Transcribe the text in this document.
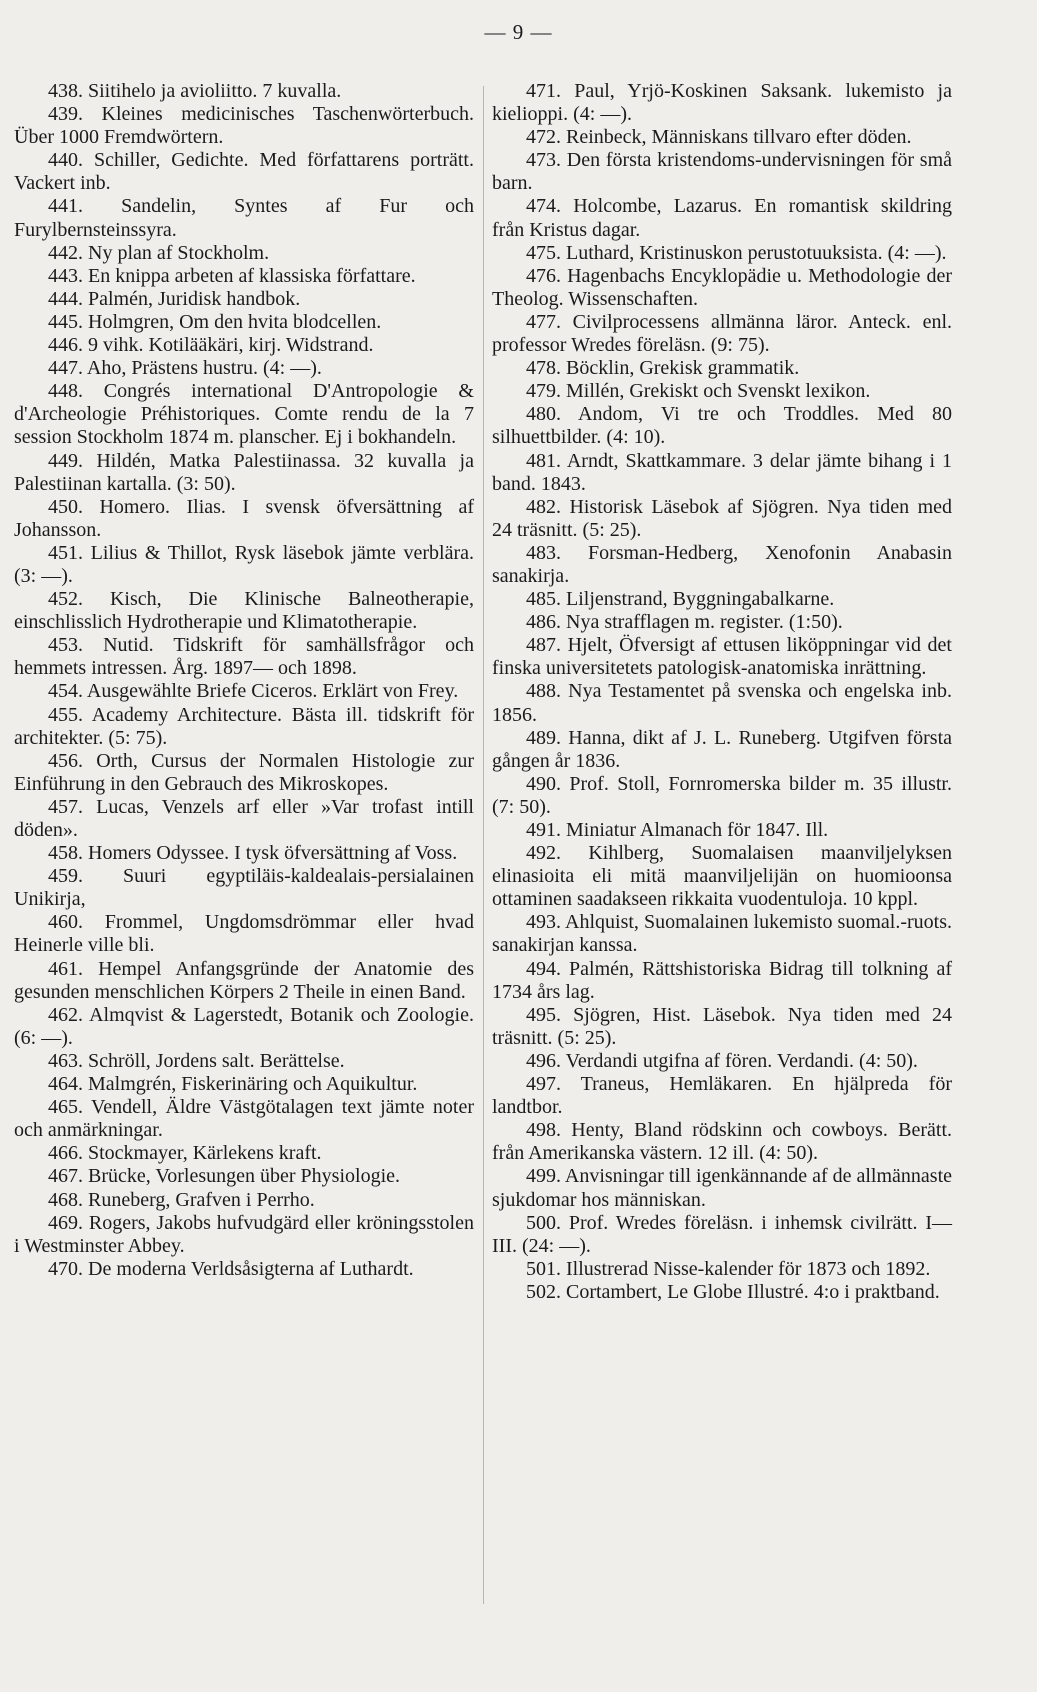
— 9 —

438. Siitihelo ja avioliitto. 7 kuvalla.

439. Kleines medicinisches Taschenwörterbuch. Über 1000 Fremdwörtern.

440. Schiller, Gedichte. Med författarens porträtt. Vackert inb.

441. Sandelin, Syntes af Fur och Furylbernsteinssyra.

442. Ny plan af Stockholm.

443. En knippa arbeten af klassiska författare.

444. Palmén, Juridisk handbok.

445. Holmgren, Om den hvita blodcellen.

446. 9 vihk. Kotilääkäri, kirj. Widstrand.

447. Aho, Prästens hustru. (4: —).

448. Congrés international D'Antropologie & d'Archeologie Préhistoriques. Comte rendu de la 7 session Stockholm 1874 m. planscher. Ej i bokhandeln.

449. Hildén, Matka Palestiinassa. 32 kuvalla ja Palestiinan kartalla. (3: 50).

450. Homero. Ilias. I svensk öfversättning af Johansson.

451. Lilius & Thillot, Rysk läsebok jämte verblära. (3: —).

452. Kisch, Die Klinische Balneotherapie, einschlisslich Hydrotherapie und Klimatotherapie.

453. Nutid. Tidskrift för samhällsfrågor och hemmets intressen. Årg. 1897— och 1898.

454. Ausgewählte Briefe Ciceros. Erklärt von Frey.

455. Academy Architecture. Bästa ill. tidskrift för architekter. (5: 75).

456. Orth, Cursus der Normalen Histologie zur Einführung in den Gebrauch des Mikroskopes.

457. Lucas, Venzels arf eller »Var trofast intill döden».

458. Homers Odyssee. I tysk öfversättning af Voss.

459. Suuri egyptiläis-kaldealais-persialainen Unikirja,

460. Frommel, Ungdomsdrömmar eller hvad Heinerle ville bli.

461. Hempel Anfangsgründe der Anatomie des gesunden menschlichen Körpers 2 Theile in einen Band.

462. Almqvist & Lagerstedt, Botanik och Zoologie. (6: —).

463. Schröll, Jordens salt. Berättelse.

464. Malmgrén, Fiskerinäring och Aquikultur.

465. Vendell, Äldre Västgötalagen text jämte noter och anmärkningar.

466. Stockmayer, Kärlekens kraft.

467. Brücke, Vorlesungen über Physiologie.

468. Runeberg, Grafven i Perrho.

469. Rogers, Jakobs hufvudgärd eller kröningsstolen i Westminster Abbey.

470. De moderna Verldsåsigterna af Luthardt.

471. Paul, Yrjö-Koskinen Saksank. lukemisto ja kielioppi. (4: —).

472. Reinbeck, Människans tillvaro efter döden.

473. Den första kristendoms-undervisningen för små barn.

474. Holcombe, Lazarus. En romantisk skildring från Kristus dagar.

475. Luthard, Kristinuskon perustotuuksista. (4: —).

476. Hagenbachs Encyklopädie u. Methodologie der Theolog. Wissenschaften.

477. Civilprocessens allmänna läror. Anteck. enl. professor Wredes föreläsn. (9: 75).

478. Böcklin, Grekisk grammatik.

479. Millén, Grekiskt och Svenskt lexikon.

480. Andom, Vi tre och Troddles. Med 80 silhuettbilder. (4: 10).

481. Arndt, Skattkammare. 3 delar jämte bihang i 1 band. 1843.

482. Historisk Läsebok af Sjögren. Nya tiden med 24 träsnitt. (5: 25).

483. Forsman-Hedberg, Xenofonin Anabasin sanakirja.

485. Liljenstrand, Byggningabalkarne.

486. Nya strafflagen m. register. (1:50).

487. Hjelt, Öfversigt af ettusen liköppningar vid det finska universitetets patologisk-anatomiska inrättning.

488. Nya Testamentet på svenska och engelska inb. 1856.

489. Hanna, dikt af J. L. Runeberg. Utgifven första gången år 1836.

490. Prof. Stoll, Fornromerska bilder m. 35 illustr. (7: 50).

491. Miniatur Almanach för 1847. Ill.

492. Kihlberg, Suomalaisen maanviljelyksen elinasioita eli mitä maanviljelijän on huomioonsa ottaminen saadakseen rikkaita vuodentuloja. 10 kppl.

493. Ahlquist, Suomalainen lukemisto suomal.-ruots. sanakirjan kanssa.

494. Palmén, Rättshistoriska Bidrag till tolkning af 1734 års lag.

495. Sjögren, Hist. Läsebok. Nya tiden med 24 träsnitt. (5: 25).

496. Verdandi utgifna af fören. Verdandi. (4: 50).

497. Traneus, Hemläkaren. En hjälpreda för landtbor.

498. Henty, Bland rödskinn och cowboys. Berätt. från Amerikanska västern. 12 ill. (4: 50).

499. Anvisningar till igenkännande af de allmännaste sjukdomar hos människan.

500. Prof. Wredes föreläsn. i inhemsk civilrätt. I—III. (24: —).

501. Illustrerad Nisse-kalender för 1873 och 1892.

502. Cortambert, Le Globe Illustré. 4:o i praktband.
